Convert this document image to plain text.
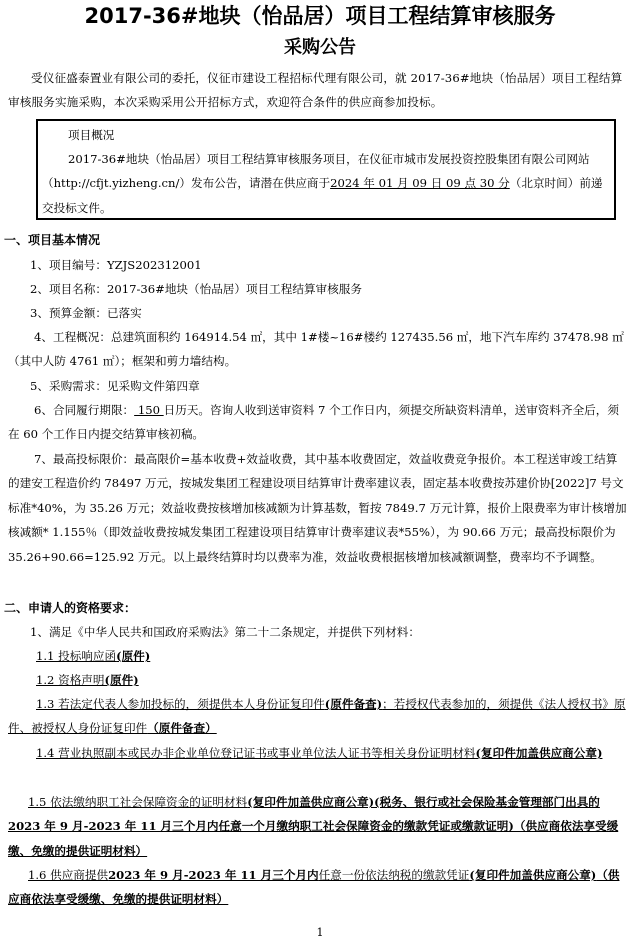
2017-36#地块（怡品居）项目工程结算审核服务
采购公告
受仪征盛泰置业有限公司的委托，仪征市建设工程招标代理有限公司，就 2017-36#地块（怡品居）项目工程结算审核服务实施采购，本次采购采用公开招标方式，欢迎符合条件的供应商参加投标。
项目概况
2017-36#地块（怡品居）项目工程结算审核服务项目，在仪征市城市发展投资控股集团有限公司网站（http://cfjt.yizheng.cn/）发布公告，请潜在供应商于2024 年 01 月 09 日 09 点 30 分（北京时间）前递交投标文件。
一、项目基本情况
1、项目编号：YZJS202312001
2、项目名称：2017-36#地块（怡品居）项目工程结算审核服务
3、预算金额：已落实
4、工程概况：总建筑面积约 164914.54 ㎡，其中 1#楼~16#楼约 127435.56 ㎡，地下汽车库约 37478.98 ㎡（其中人防 4761 ㎡）；框架和剪力墙结构。
5、采购需求：见采购文件第四章
6、合同履行期限： 150 日历天。咨询人收到送审资料 7 个工作日内，须提交所缺资料清单，送审资料齐全后，须在 60 个工作日内提交结算审核初稿。
7、最高投标限价：最高限价=基本收费+效益收费，其中基本收费固定，效益收费竞争报价。本工程送审竣工结算的建安工程造价约 78497 万元，按城发集团工程建设项目结算审计费率建议表，固定基本收费按苏建价协[2022]7 号文标准*40%，为 35.26 万元；效益收费按核增加核减额为计算基数，暂按 7849.7 万元计算，报价上限费率为审计核增加核减额* 1.155％（即效益收费按城发集团工程建设项目结算审计费率建议表*55%），为 90.66 万元；最高投标限价为 35.26+90.66=125.92 万元。以上最终结算时均以费率为准，效益收费根据核增加核减额调整，费率均不予调整。
二、申请人的资格要求：
1、满足《中华人民共和国政府采购法》第二十二条规定，并提供下列材料：
1.1 投标响应函(原件)
1.2 资格声明(原件)
1.3 若法定代表人参加投标的，须提供本人身份证复印件(原件备查)；若授权代表参加的，须提供《法人授权书》原件、被授权人身份证复印件（原件备查）
1.4 营业执照副本或民办非企业单位登记证书或事业单位法人证书等相关身份证明材料(复印件加盖供应商公章)
1.5 依法缴纳职工社会保障资金的证明材料(复印件加盖供应商公章)(税务、银行或社会保险基金管理部门出具的 2023 年 9 月-2023 年 11 月三个月内任意一个月缴纳职工社会保障资金的缴款凭证或缴款证明)（供应商依法享受缓缴、免缴的提供证明材料）
1.6 供应商提供2023 年 9 月-2023 年 11 月三个月内任意一份依法纳税的缴款凭证(复印件加盖供应商公章)（供应商依法享受缓缴、免缴的提供证明材料）
1
